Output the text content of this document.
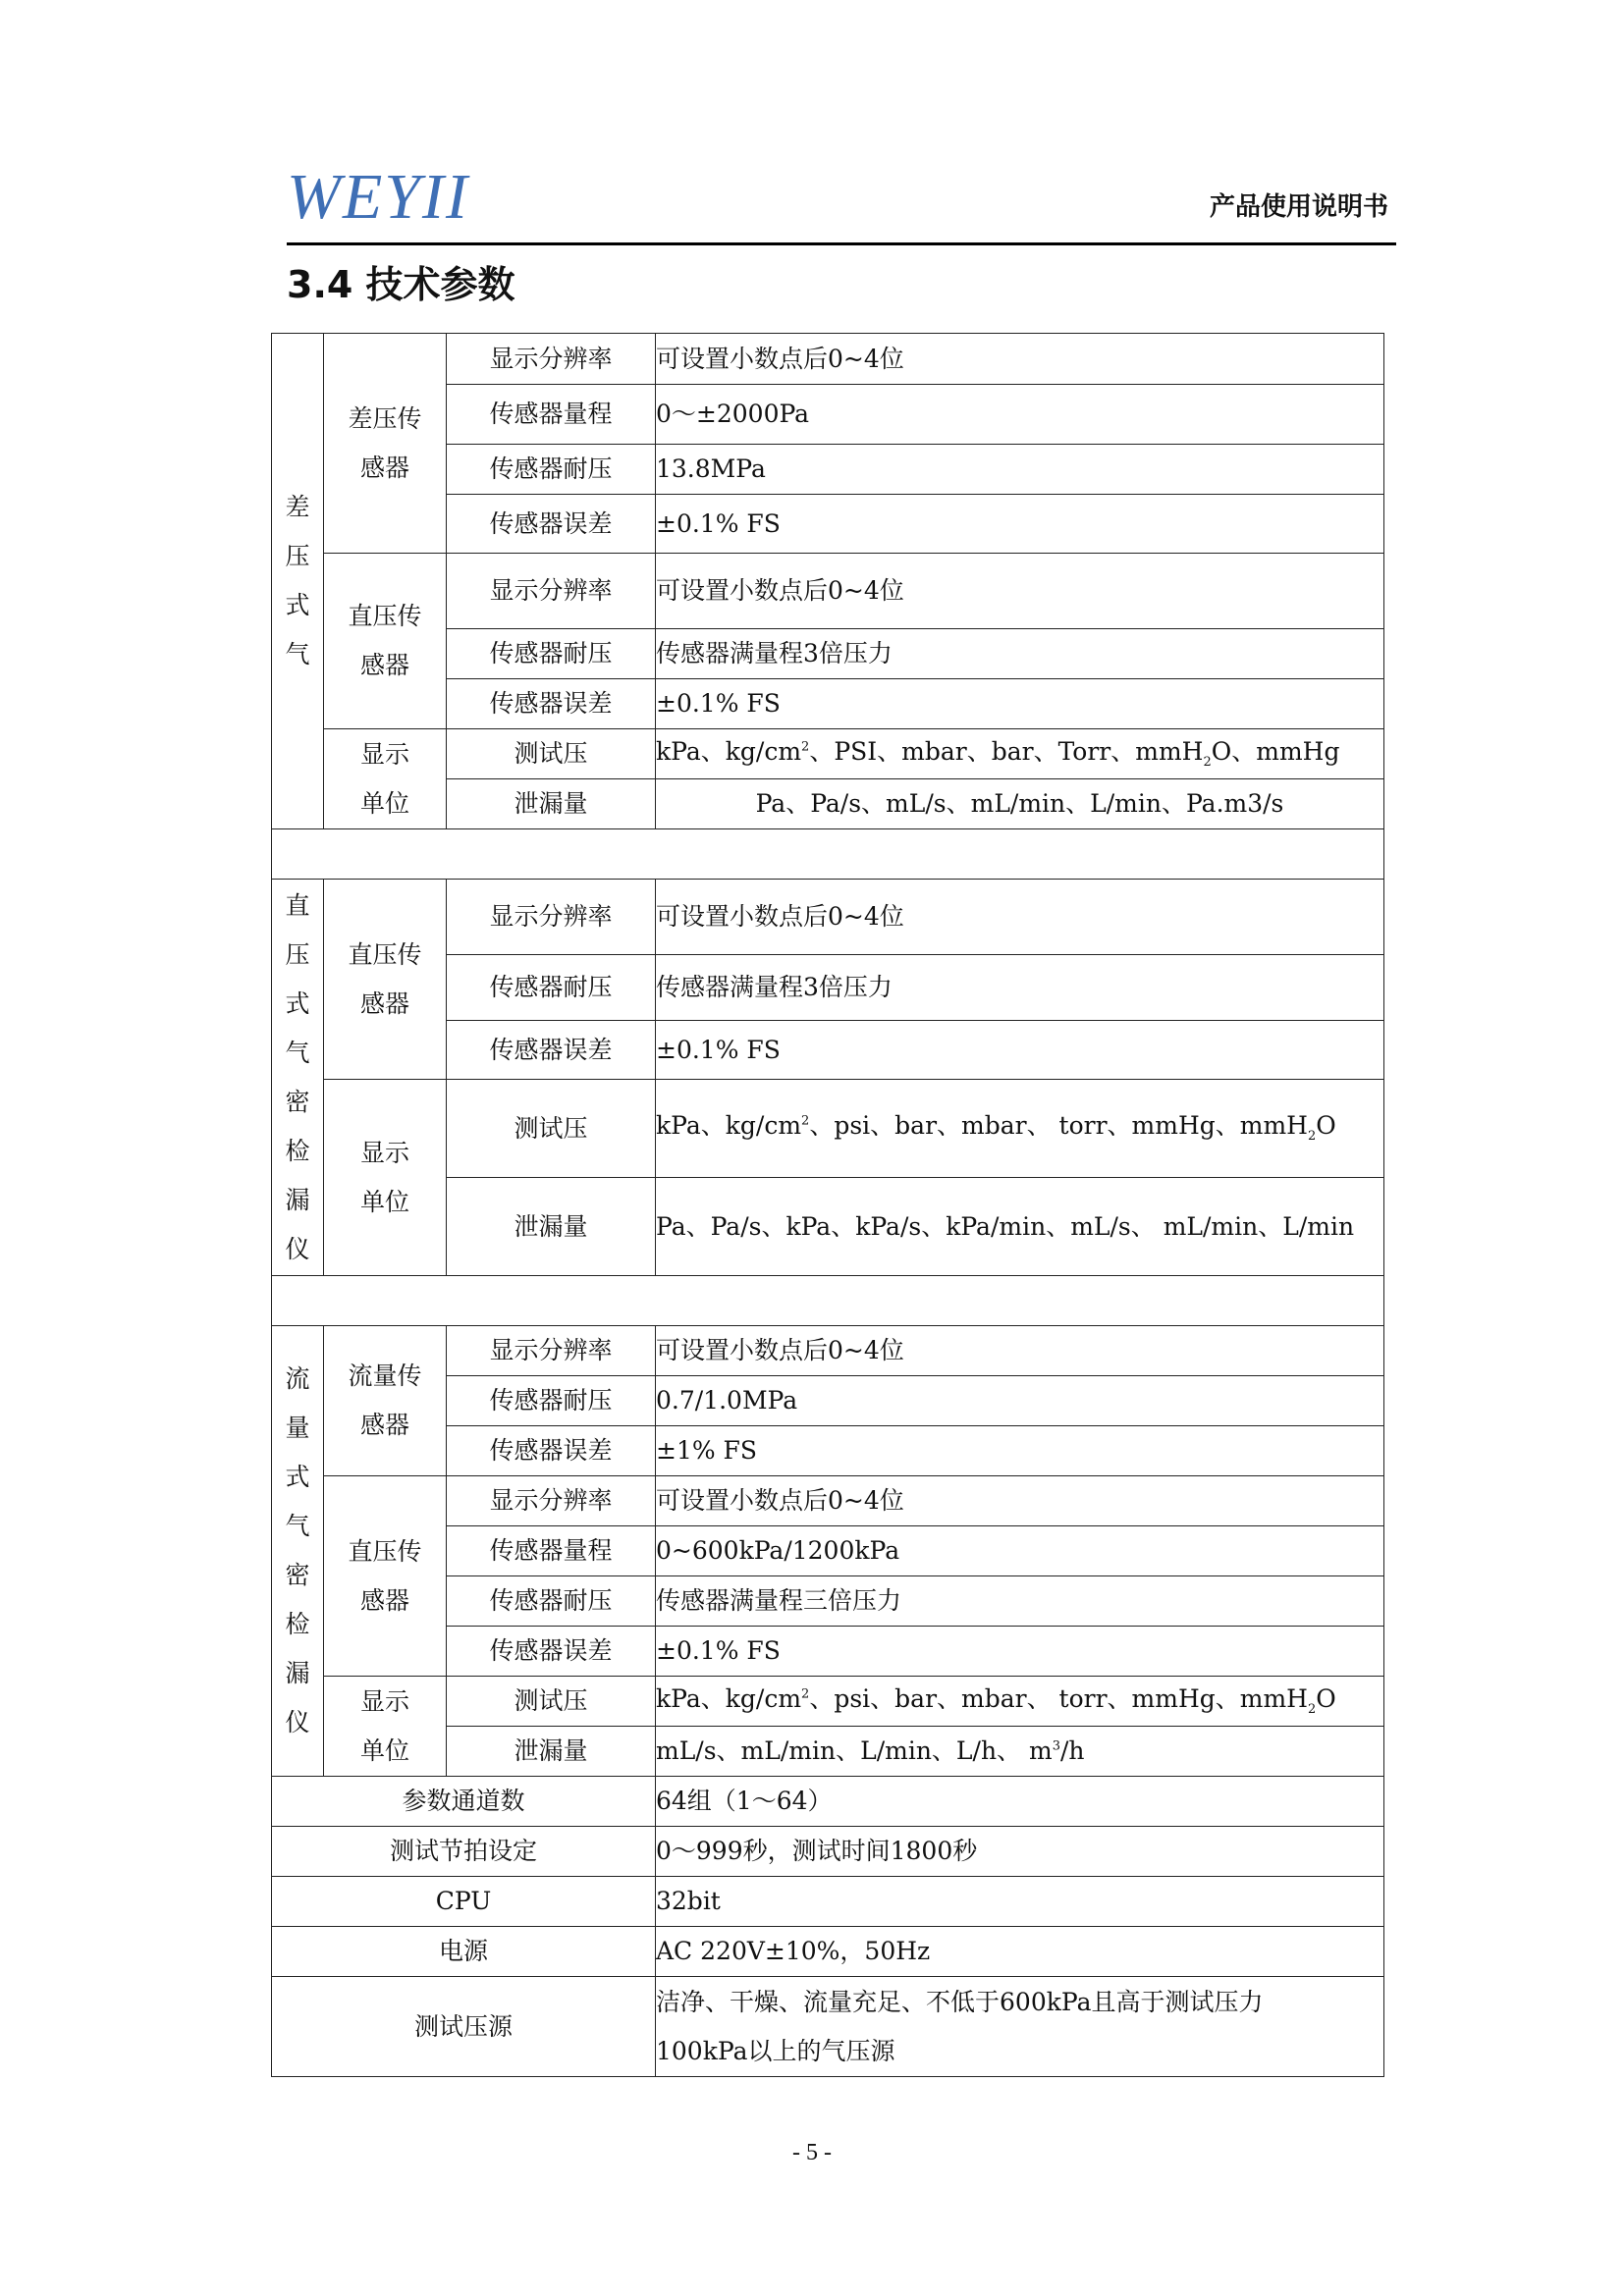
WEYII	产品使用说明书
3.4 技术参数
差压式气	差压传感器	显示分辨率	可设置小数点后0~4位
		传感器量程	0～±2000Pa
		传感器耐压	13.8MPa
		传感器误差	±0.1% FS
	直压传感器	显示分辨率	可设置小数点后0~4位
		传感器耐压	传感器满量程3倍压力
		传感器误差	±0.1% FS
	显示单位	测试压	kPa、$kg/cm^2$、PSI、mbar、bar、Torr、mmH$_2$O、mmHg
		泄漏量	Pa、Pa/s、mL/s、mL/min、L/min、Pa.m3/s

直压式气密检漏仪	直压传感器	显示分辨率	可设置小数点后0~4位
		传感器耐压	传感器满量程3倍压力
		传感器误差	±0.1% FS
	显示单位	测试压	kPa、$kg/cm^2$、psi、bar、mbar、 torr、mmHg、mmH$_2$O
		泄漏量	Pa、Pa/s、kPa、kPa/s、kPa/min、mL/s、 mL/min、L/min

流量式气密检漏仪	流量传感器	显示分辨率	可设置小数点后0~4位
		传感器耐压	0.7/1.0MPa
		传感器误差	±1% FS
	直压传感器	显示分辨率	可设置小数点后0~4位
		传感器量程	0~600kPa/1200kPa
		传感器耐压	传感器满量程三倍压力
		传感器误差	±0.1% FS
	显示单位	测试压	kPa、$kg/cm^2$、psi、bar、mbar、 torr、mmHg、mmH$_2$O
		泄漏量	mL/s、mL/min、L/min、L/h、 $m^3/h$
参数通道数			64组（1～64）
测试节拍设定			0～999秒，测试时间1800秒
CPU			32bit
电源			AC 220V±10%，50Hz
测试压源			洁净、干燥、流量充足、不低于600kPa且高于测试压力
100kPa以上的气压源
- 5 -
